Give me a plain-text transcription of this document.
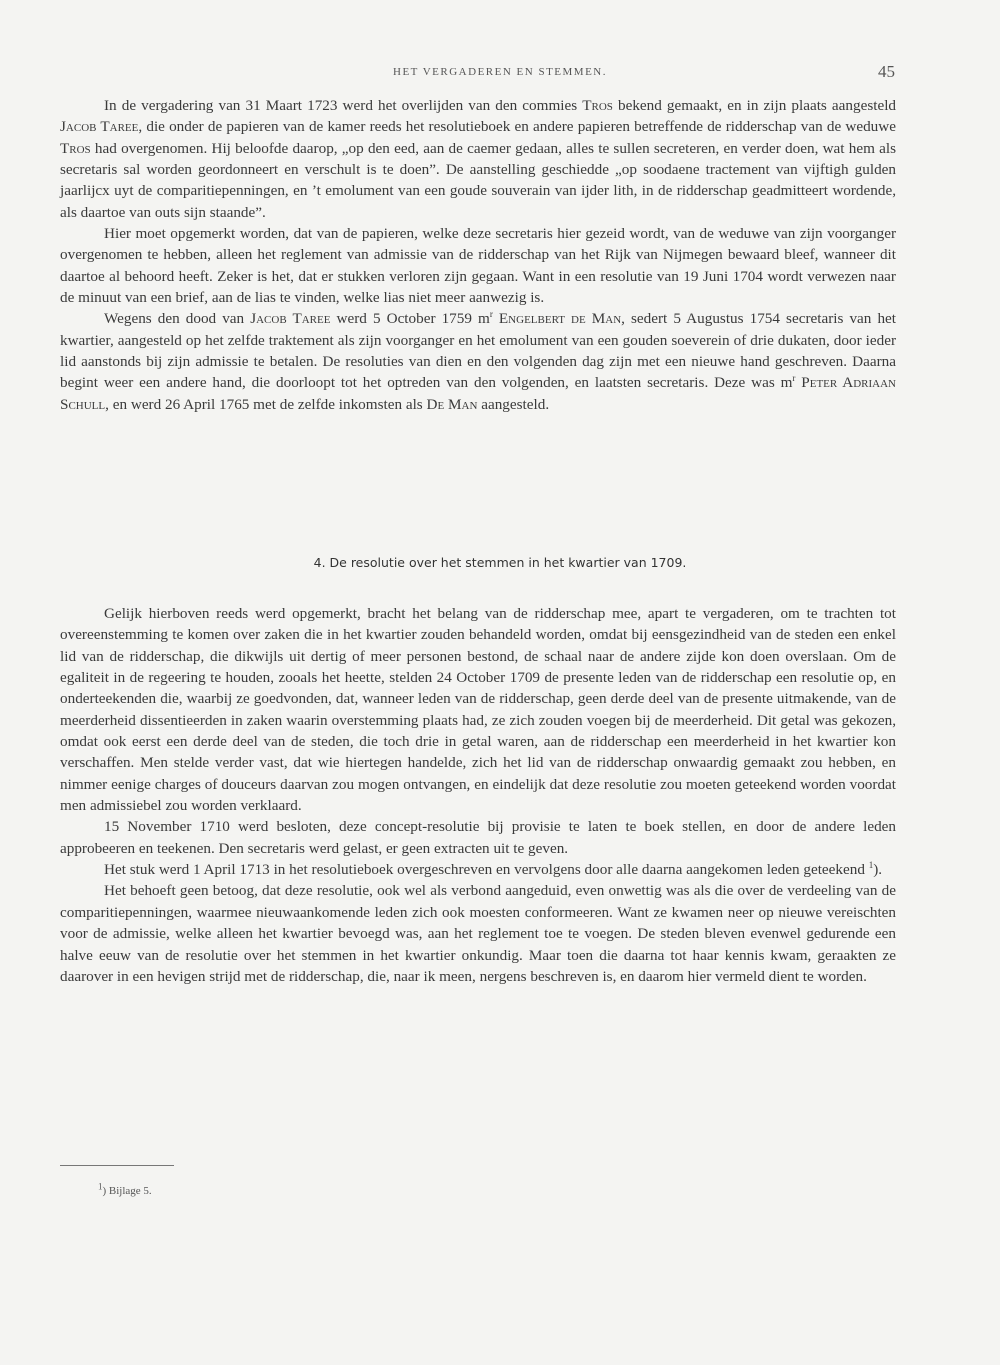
HET VERGADEREN EN STEMMEN.	45

In de vergadering van 31 Maart 1723 werd het overlijden van den commies Tros bekend gemaakt, en in zijn plaats aangesteld Jacob Taree, die onder de papieren van de kamer reeds het resolutieboek en andere papieren betreffende de ridderschap van de weduwe Tros had overgenomen. Hij beloofde daarop, „op den eed, aan de caemer gedaan, alles te sullen secreteren, en verder doen, wat hem als secretaris sal worden geordonneert en verschult is te doen”. De aanstelling geschiedde „op soodaene tractement van vijftigh gulden jaarlijcx uyt de comparitiepenningen, en ’t emolument van een goude souverain van ijder lith, in de ridderschap geadmitteert wordende, als daartoe van outs sijn staande”.

Hier moet opgemerkt worden, dat van de papieren, welke deze secretaris hier gezeid wordt, van de weduwe van zijn voorganger overgenomen te hebben, alleen het reglement van admissie van de ridderschap van het Rijk van Nijmegen bewaard bleef, wanneer dit daartoe al behoord heeft. Zeker is het, dat er stukken verloren zijn gegaan. Want in een resolutie van 19 Juni 1704 wordt verwezen naar de minuut van een brief, aan de lias te vinden, welke lias niet meer aanwezig is.

Wegens den dood van Jacob Taree werd 5 October 1759 $m^r$ Engelbert de Man, sedert 5 Augustus 1754 secretaris van het kwartier, aangesteld op het zelfde traktement als zijn voorganger en het emolument van een gouden soeverein of drie dukaten, door ieder lid aanstonds bij zijn admissie te betalen. De resoluties van dien en den volgenden dag zijn met een nieuwe hand geschreven. Daarna begint weer een andere hand, die doorloopt tot het optreden van den volgenden, en laatsten secretaris. Deze was $m^r$ Peter Adriaan Schull, en werd 26 April 1765 met de zelfde inkomsten als De Man aangesteld.

4. De resolutie over het stemmen in het kwartier van 1709.

Gelijk hierboven reeds werd opgemerkt, bracht het belang van de ridderschap mee, apart te vergaderen, om te trachten tot overeenstemming te komen over zaken die in het kwartier zouden behandeld worden, omdat bij eensgezindheid van de steden een enkel lid van de ridderschap, die dikwijls uit dertig of meer personen bestond, de schaal naar de andere zijde kon doen overslaan. Om de egaliteit in de regeering te houden, zooals het heette, stelden 24 October 1709 de presente leden van de ridderschap een resolutie op, en onderteekenden die, waarbij ze goedvonden, dat, wanneer leden van de ridderschap, geen derde deel van de presente uitmakende, van de meerderheid dissentieerden in zaken waarin overstemming plaats had, ze zich zouden voegen bij de meerderheid. Dit getal was gekozen, omdat ook eerst een derde deel van de steden, die toch drie in getal waren, aan de ridderschap een meerderheid in het kwartier kon verschaffen. Men stelde verder vast, dat wie hiertegen handelde, zich het lid van de ridderschap onwaardig gemaakt zou hebben, en nimmer eenige charges of douceurs daarvan zou mogen ontvangen, en eindelijk dat deze resolutie zou moeten geteekend worden voordat men admissiebel zou worden verklaard.

15 November 1710 werd besloten, deze concept-resolutie bij provisie te laten te boek stellen, en door de andere leden approbeeren en teekenen. Den secretaris werd gelast, er geen extracten uit te geven.

Het stuk werd 1 April 1713 in het resolutieboek overgeschreven en vervolgens door alle daarna aangekomen leden geteekend $^1$).

Het behoeft geen betoog, dat deze resolutie, ook wel als verbond aangeduid, even onwettig was als die over de verdeeling van de comparitiepenningen, waarmee nieuwaankomende leden zich ook moesten conformeeren. Want ze kwamen neer op nieuwe vereischten voor de admissie, welke alleen het kwartier bevoegd was, aan het reglement toe te voegen. De steden bleven evenwel gedurende een halve eeuw van de resolutie over het stemmen in het kwartier onkundig. Maar toen die daarna tot haar kennis kwam, geraakten ze daarover in een hevigen strijd met de ridderschap, die, naar ik meen, nergens beschreven is, en daarom hier vermeld dient te worden.

$^1$) Bijlage 5.
